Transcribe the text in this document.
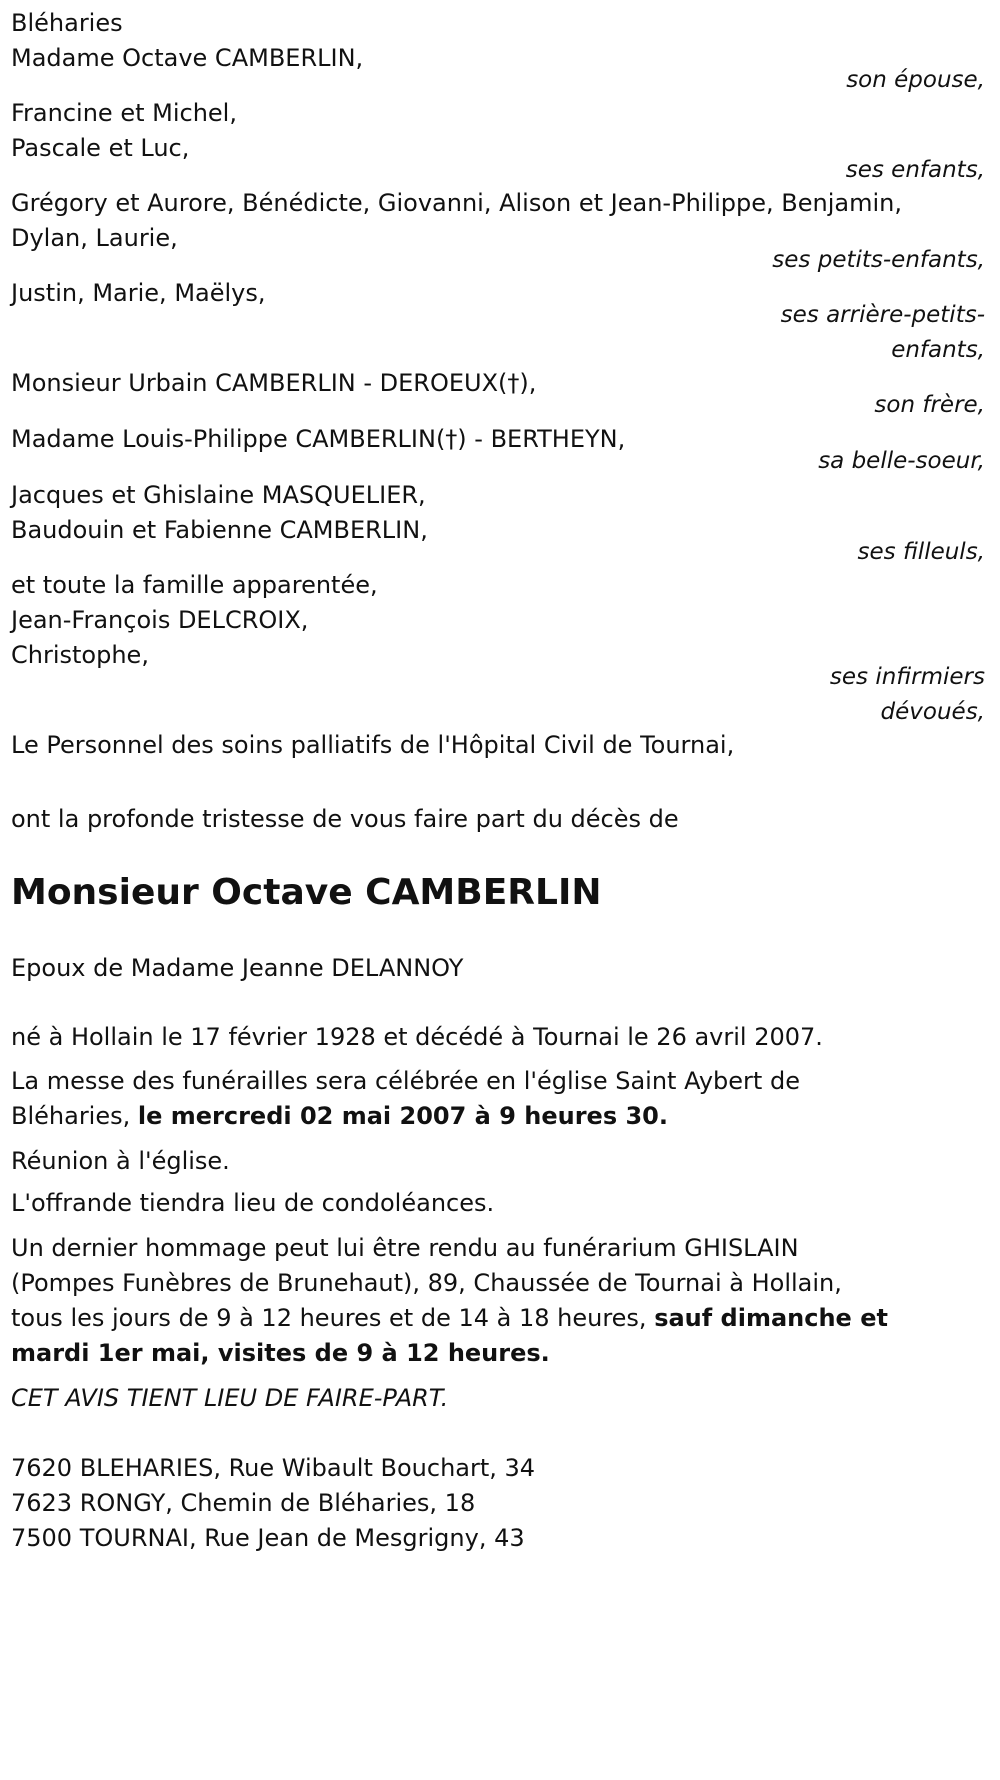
Bléharies
Madame Octave CAMBERLIN,
son épouse,
Francine et Michel,
Pascale et Luc,
ses enfants,
Grégory et Aurore, Bénédicte, Giovanni, Alison et Jean-Philippe, Benjamin,
Dylan, Laurie,
ses petits-enfants,
Justin, Marie, Maëlys,
ses arrière-petits-
enfants,
Monsieur Urbain CAMBERLIN - DEROEUX(†),
son frère,
Madame Louis-Philippe CAMBERLIN(†) - BERTHEYN,
sa belle-soeur,
Jacques et Ghislaine MASQUELIER,
Baudouin et Fabienne CAMBERLIN,
ses filleuls,
et toute la famille apparentée,
Jean-François DELCROIX,
Christophe,
ses infirmiers
dévoués,
Le Personnel des soins palliatifs de l'Hôpital Civil de Tournai,
ont la profonde tristesse de vous faire part du décès de
Monsieur Octave CAMBERLIN
Epoux de Madame Jeanne DELANNOY
né à Hollain le 17 février 1928 et décédé à Tournai le 26 avril 2007.
La messe des funérailles sera célébrée en l'église Saint Aybert de
Bléharies, le mercredi 02 mai 2007 à 9 heures 30.
Réunion à l'église.
L'offrande tiendra lieu de condoléances.
Un dernier hommage peut lui être rendu au funérarium GHISLAIN
(Pompes Funèbres de Brunehaut), 89, Chaussée de Tournai à Hollain,
tous les jours de 9 à 12 heures et de 14 à 18 heures, sauf dimanche et
mardi 1er mai, visites de 9 à 12 heures.
CET AVIS TIENT LIEU DE FAIRE-PART.
7620 BLEHARIES, Rue Wibault Bouchart, 34
7623 RONGY, Chemin de Bléharies, 18
7500 TOURNAI, Rue Jean de Mesgrigny, 43
